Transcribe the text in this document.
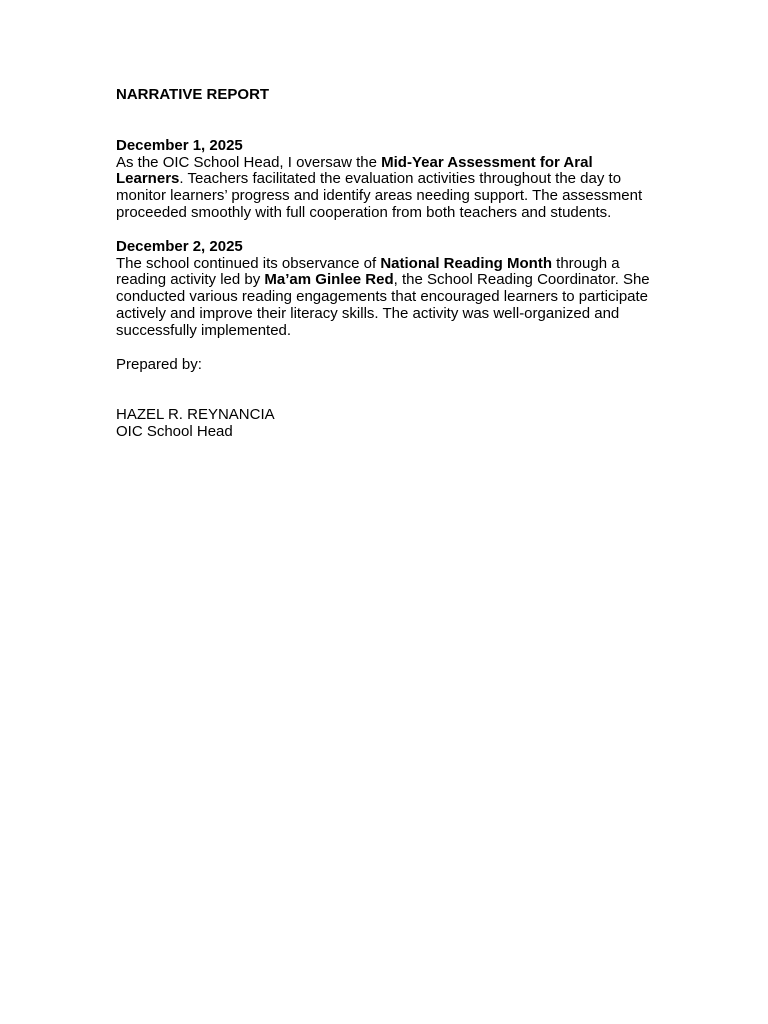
NARRATIVE REPORT

December 1, 2025
As the OIC School Head, I oversaw the Mid-Year Assessment for Aral Learners. Teachers facilitated the evaluation activities throughout the day to monitor learners’ progress and identify areas needing support. The assessment proceeded smoothly with full cooperation from both teachers and students.
December 2, 2025
The school continued its observance of National Reading Month through a reading activity led by Ma’am Ginlee Red, the School Reading Coordinator. She conducted various reading engagements that encouraged learners to participate actively and improve their literacy skills. The activity was well-organized and successfully implemented.

Prepared by:

HAZEL R. REYNANCIA
OIC School Head
